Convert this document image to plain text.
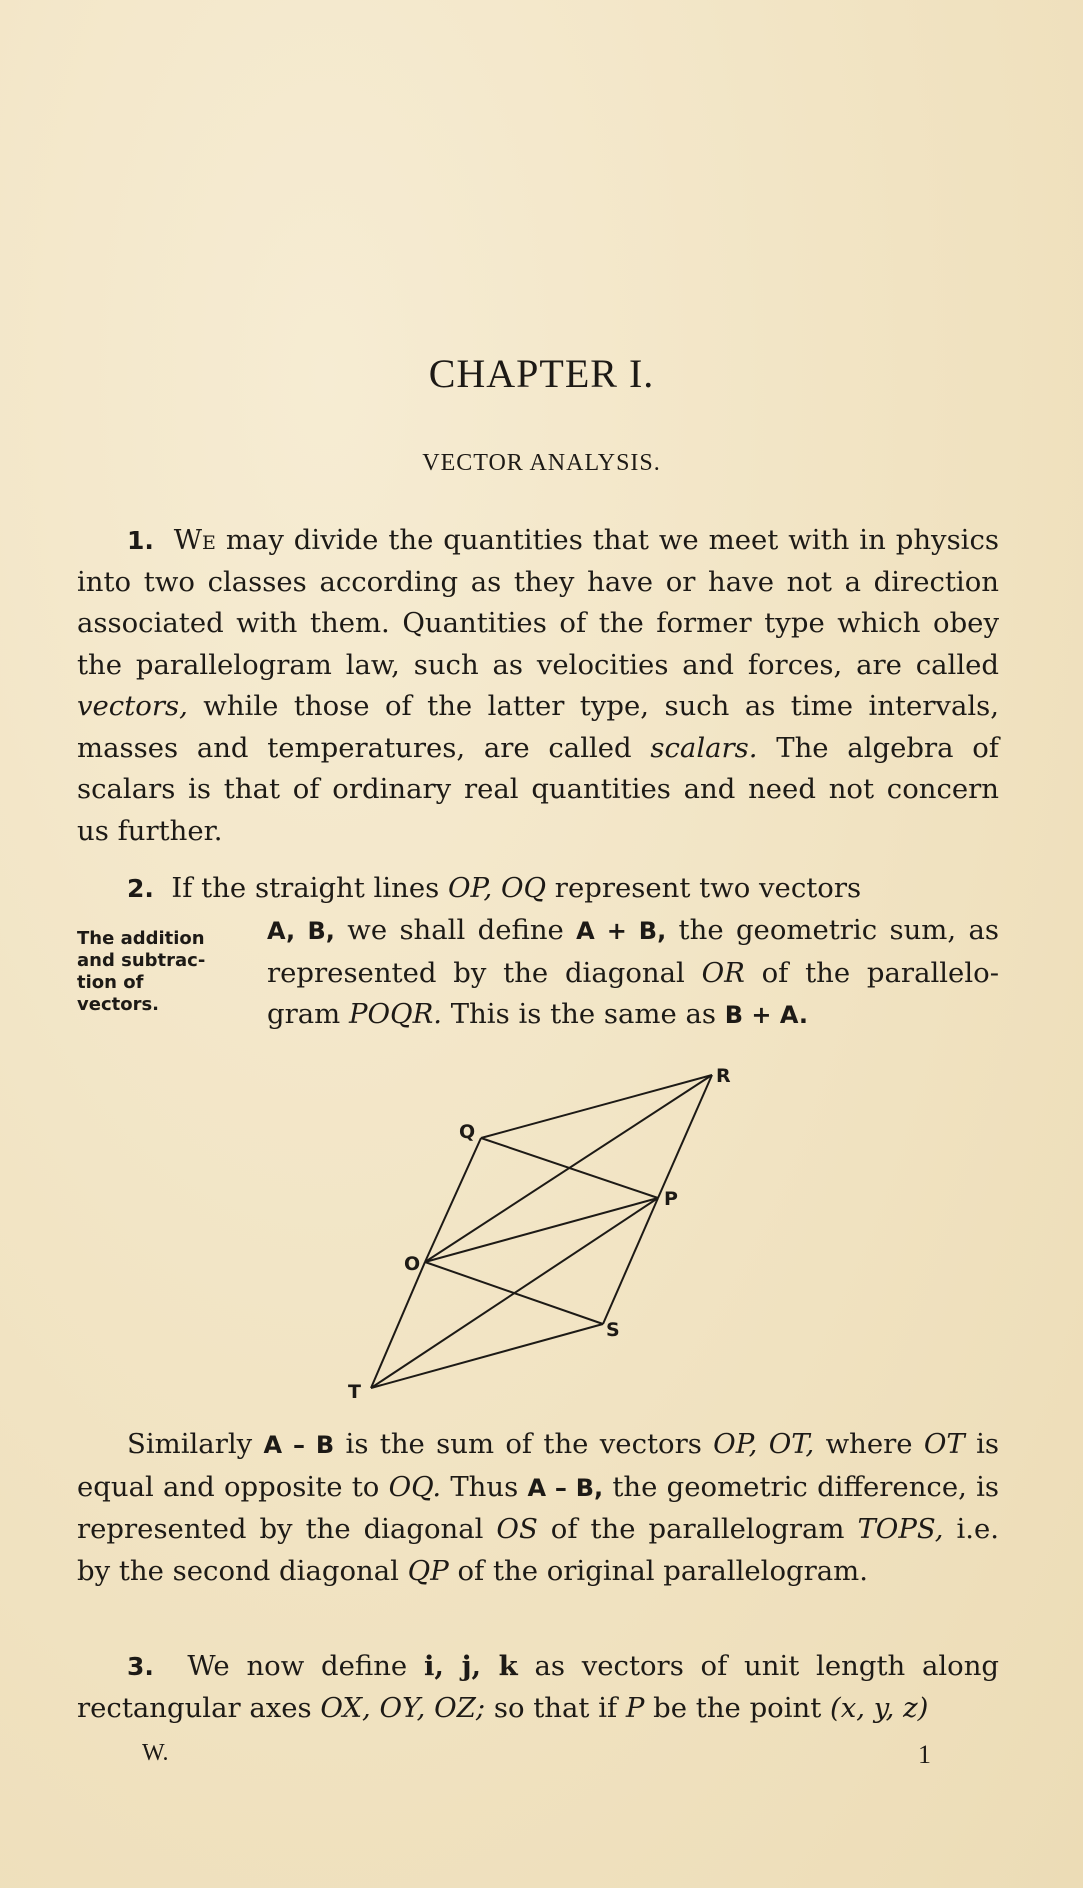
CHAPTER I.
VECTOR ANALYSIS.
1. We may divide the quantities that we meet with in physics into two classes according as they have or have not a direction associated with them. Quantities of the former type which obey the parallelogram law, such as velocities and forces, are called vectors, while those of the latter type, such as time intervals, masses and temperatures, are called scalars. The algebra of scalars is that of ordinary real quantities and need not concern us further.
2. If the straight lines OP, OQ represent two vectors
The addition and subtraction of vectors.
A, B, we shall define A + B, the geometric sum, as represented by the diagonal OR of the parallelogram POQR. This is the same as B + A.
R
Q
P
O
S
T
Similarly A – B is the sum of the vectors OP, OT, where OT is equal and opposite to OQ. Thus A – B, the geometric difference, is represented by the diagonal OS of the parallelogram TOPS, i.e. by the second diagonal QP of the original parallelogram.
3. We now define i, j, k as vectors of unit length along rectangular axes OX, OY, OZ; so that if P be the point (x, y, z)
W.	1
